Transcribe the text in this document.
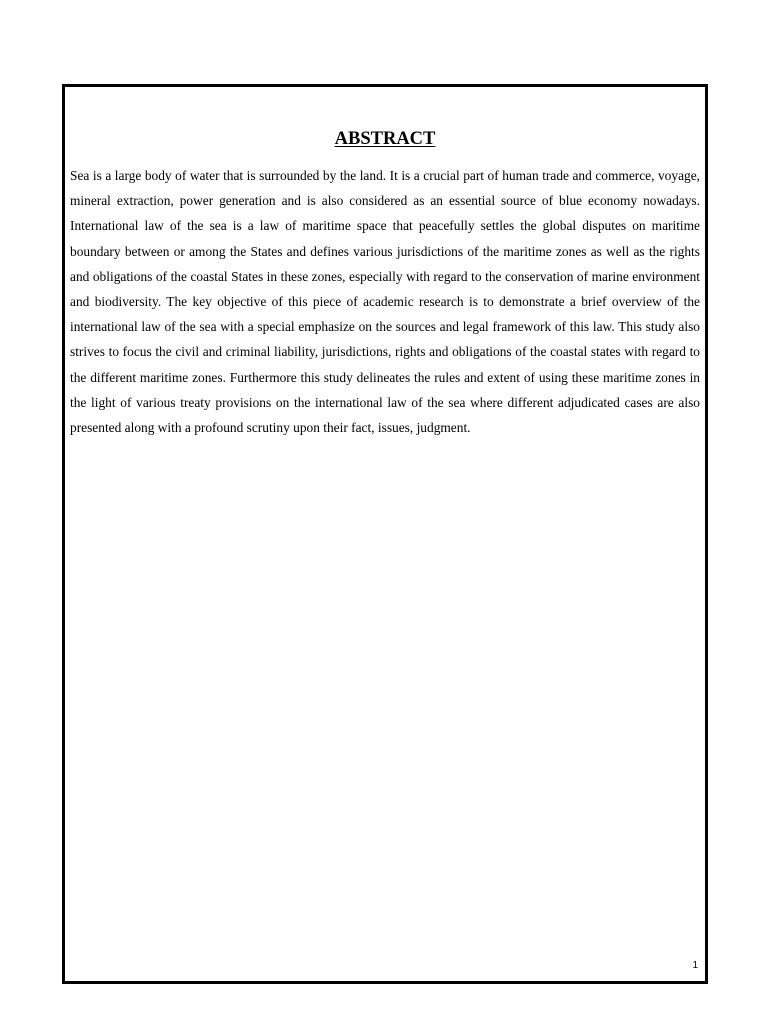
ABSTRACT

Sea is a large body of water that is surrounded by the land. It is a crucial part of human trade and commerce, voyage, mineral extraction, power generation and is also considered as an essential source of blue economy nowadays. International law of the sea is a law of maritime space that peacefully settles the global disputes on maritime boundary between or among the States and defines various jurisdictions of the maritime zones as well as the rights and obligations of the coastal States in these zones, especially with regard to the conservation of marine environment and biodiversity. The key objective of this piece of academic research is to demonstrate a brief overview of the international law of the sea with a special emphasize on the sources and legal framework of this law. This study also strives to focus the civil and criminal liability, jurisdictions, rights and obligations of the coastal states with regard to the different maritime zones. Furthermore this study delineates the rules and extent of using these maritime zones in the light of various treaty provisions on the international law of the sea where different adjudicated cases are also presented along with a profound scrutiny upon their fact, issues, judgment.

1
